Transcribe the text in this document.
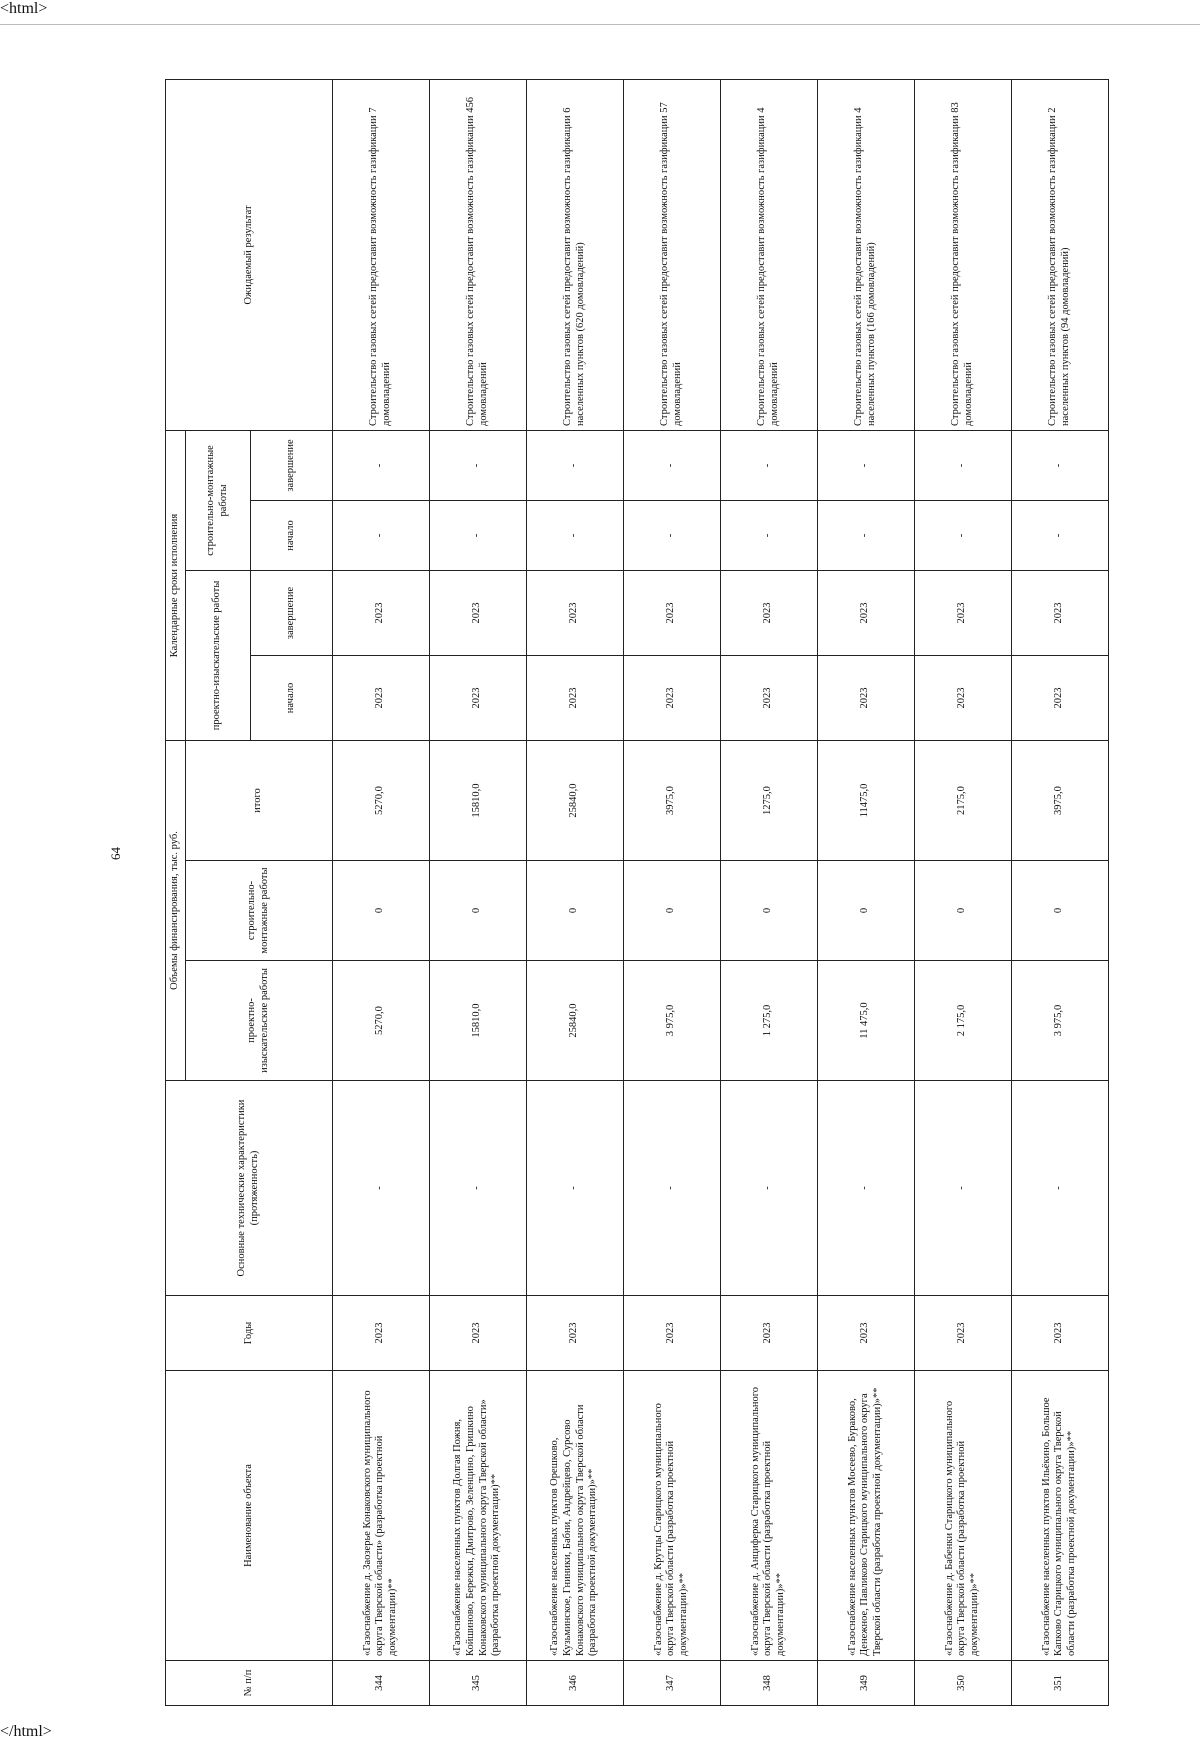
<html>
64
№ п/п	Наименование объекта	Годы	Основные технические характеристики (протяженность)	Объемы финансирования, тыс. руб.			Календарные сроки исполнения				Ожидаемый результат
				проектно-изыскательские работы	строительно-монтажные работы	итого	проектно-изыскательские работы		строительно-монтажные работы		
							начало	завершение	начало	завершение	
344	«Газоснабжение д. Заозерье Конаковского муниципального округа Тверской области» (разработка проектной документации)**	2023	-	5270,0	0	5270,0	2023	2023	-	-	Строительство газовых сетей предоставит возможность газификации 7 домовладений
345	«Газоснабжение населенных пунктов Долгая Пожня, Койшиново, Бережки, Дмитрово, Зеленцино, Гришкино Конаковского муниципального округа Тверской области» (разработка проектной документации)**	2023	-	15810,0	0	15810,0	2023	2023	-	-	Строительство газовых сетей предоставит возможность газификации 456 домовладений
346	«Газоснабжение населенных пунктов Орешково, Кузьминское, Гниники, Бабни, Андрейцево, Сурсово Конаковского муниципального округа Тверской области (разработка проектной документации)»**	2023	-	25840,0	0	25840,0	2023	2023	-	-	Строительство газовых сетей предоставит возможность газификации 6 населенных пунктов (620 домовладений)
347	«Газоснабжение д. Крутцы Старицкого муниципального округа Тверской области (разработка проектной документации)»**	2023	-	3 975,0	0	3975,0	2023	2023	-	-	Строительство газовых сетей предоставит возможность газификации 57 домовладений
348	«Газоснабжение д. Анциферка Старицкого муниципального округа Тверской области (разработка проектной документации)»**	2023	-	1 275,0	0	1275,0	2023	2023	-	-	Строительство газовых сетей предоставит возможность газификации 4 домовладений
349	«Газоснабжение населенных пунктов Мосеево, Бураково, Денежное, Павликово Старицкого муниципального округа Тверской области (разработка проектной документации)»**	2023	-	11 475,0	0	11475,0	2023	2023	-	-	Строительство газовых сетей предоставит возможность газификации 4 населенных пунктов (166 домовладений)
350	«Газоснабжение д. Бабенки Старицкого муниципального округа Тверской области (разработка проектной документации)»**	2023	-	2 175,0	0	2175,0	2023	2023	-	-	Строительство газовых сетей предоставит возможность газификации 83 домовладений
351	«Газоснабжение населенных пунктов Ильёкино, Большое Капково Старицкого муниципального округа Тверской области (разработка проектной документации)»**	2023	-	3 975,0	0	3975,0	2023	2023	-	-	Строительство газовых сетей предоставит возможность газификации 2 населенных пунктов (94 домовладений)
</html>
